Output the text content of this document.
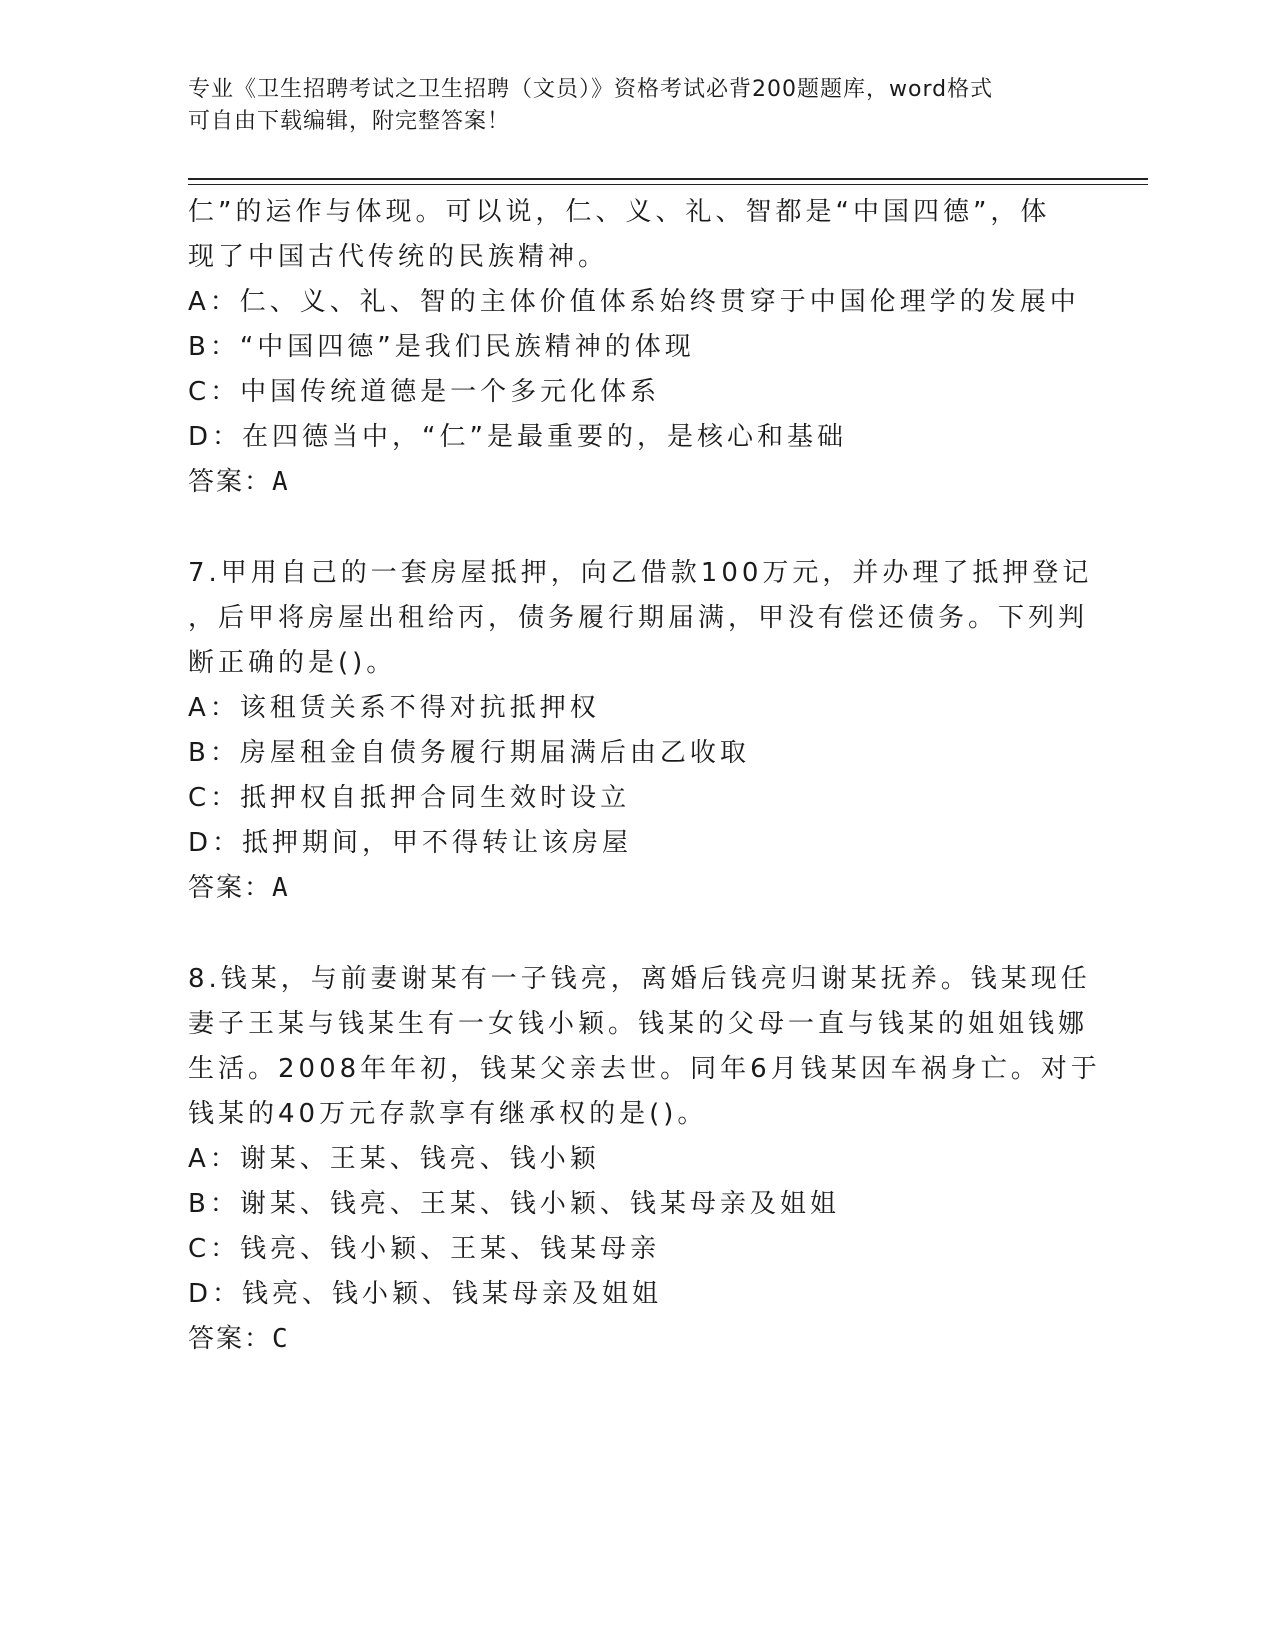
专业《卫生招聘考试之卫生招聘（文员）》资格考试必背200题题库，word格式
可自由下载编辑，附完整答案！

仁”的运作与体现。可以说，仁、义、礼、智都是“中国四德”，体

现了中国古代传统的民族精神。

A：仁、义、礼、智的主体价值体系始终贯穿于中国伦理学的发展中

B：“中国四德”是我们民族精神的体现

C：中国传统道德是一个多元化体系

D：在四德当中，“仁”是最重要的，是核心和基础

答案：A

7.甲用自己的一套房屋抵押，向乙借款100万元，并办理了抵押登记

，后甲将房屋出租给丙，债务履行期届满，甲没有偿还债务。下列判

断正确的是()。

A：该租赁关系不得对抗抵押权

B：房屋租金自债务履行期届满后由乙收取

C：抵押权自抵押合同生效时设立

D：抵押期间，甲不得转让该房屋

答案：A

8.钱某，与前妻谢某有一子钱亮，离婚后钱亮归谢某抚养。钱某现任

妻子王某与钱某生有一女钱小颖。钱某的父母一直与钱某的姐姐钱娜

生活。2008年年初，钱某父亲去世。同年6月钱某因车祸身亡。对于

钱某的40万元存款享有继承权的是()。

A：谢某、王某、钱亮、钱小颖

B：谢某、钱亮、王某、钱小颖、钱某母亲及姐姐

C：钱亮、钱小颖、王某、钱某母亲

D：钱亮、钱小颖、钱某母亲及姐姐

答案：C
